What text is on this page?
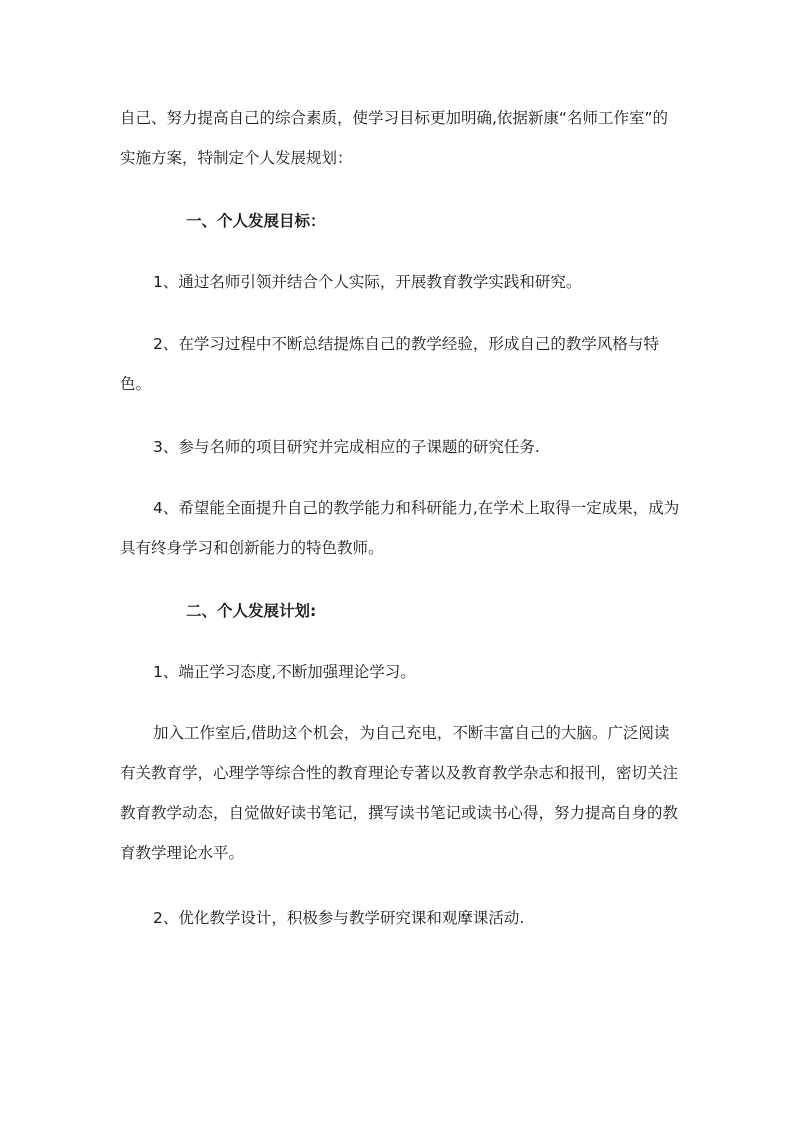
自己、努力提高自己的综合素质，使学习目标更加明确,依据新康“名师工作室”的实施方案，特制定个人发展规划：

一、个人发展目标：

1、通过名师引领并结合个人实际，开展教育教学实践和研究。

2、在学习过程中不断总结提炼自己的教学经验，形成自己的教学风格与特色。

3、参与名师的项目研究并完成相应的子课题的研究任务.

4、希望能全面提升自己的教学能力和科研能力,在学术上取得一定成果，成为具有终身学习和创新能力的特色教师。

二、个人发展计划:

1、端正学习态度,不断加强理论学习。

加入工作室后,借助这个机会，为自己充电，不断丰富自己的大脑。广泛阅读有关教育学，心理学等综合性的教育理论专著以及教育教学杂志和报刊，密切关注教育教学动态，自觉做好读书笔记，撰写读书笔记或读书心得，努力提高自身的教育教学理论水平。

2、优化教学设计，积极参与教学研究课和观摩课活动.
